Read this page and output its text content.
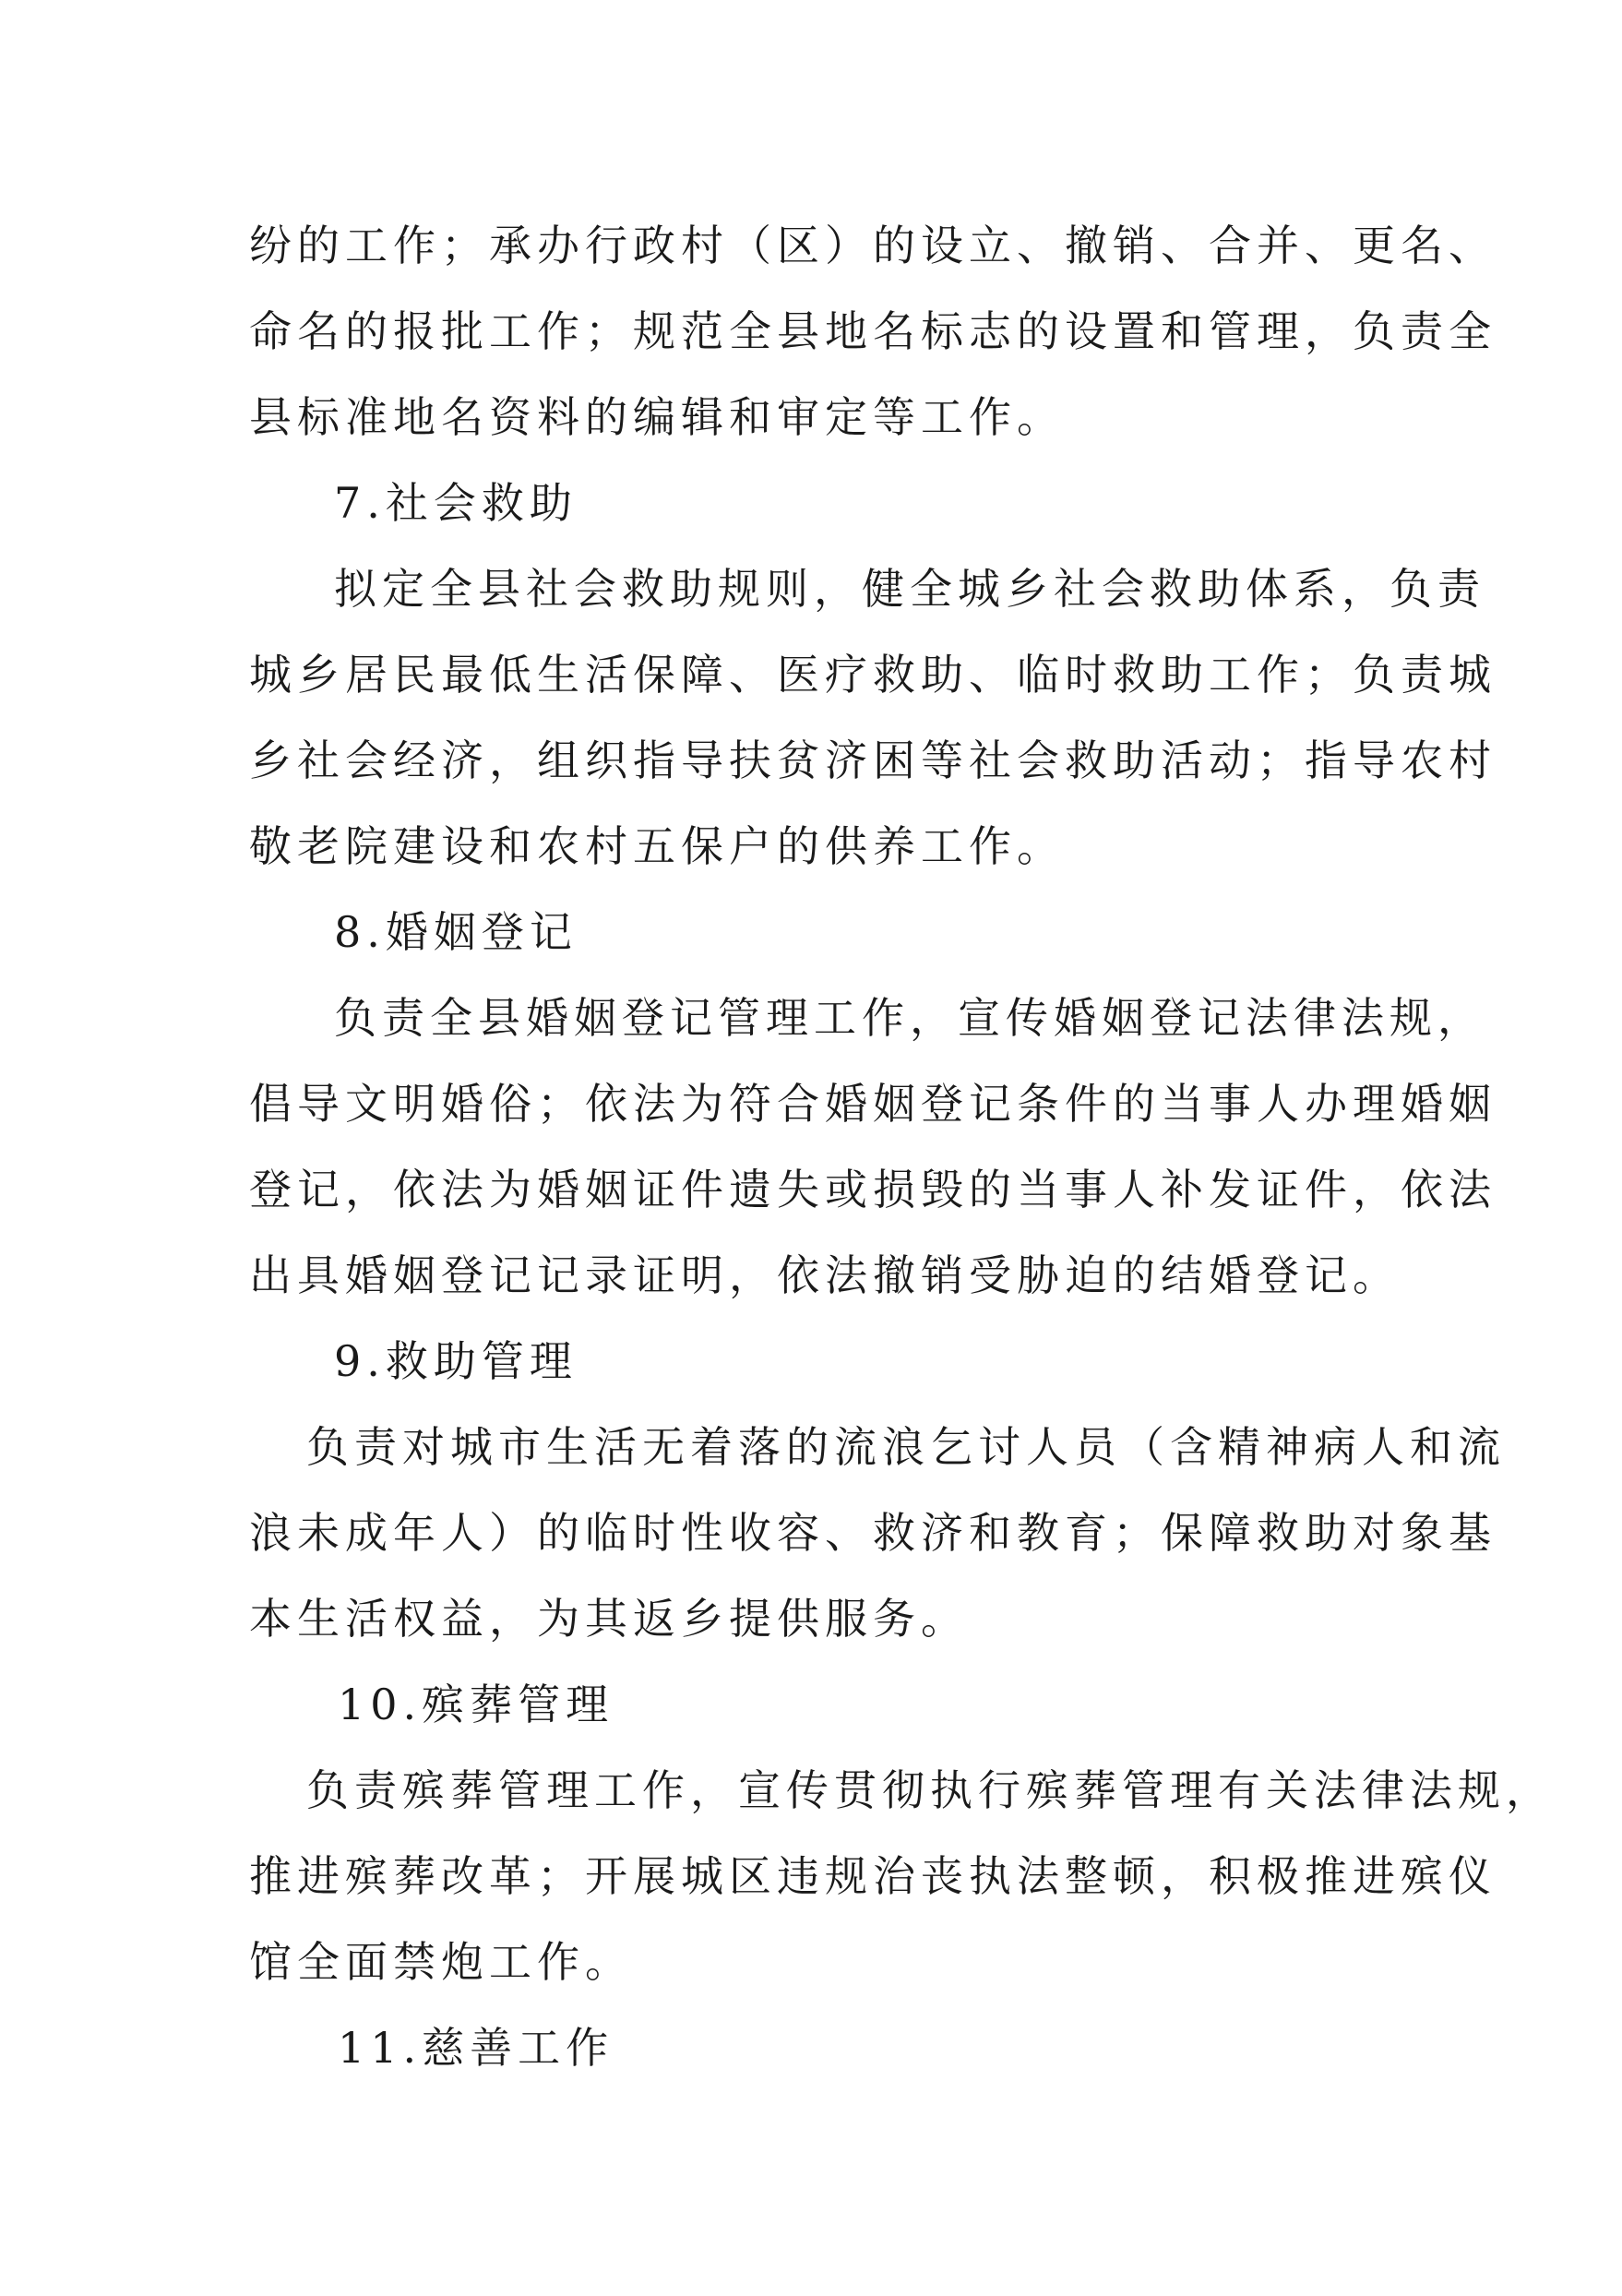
纷的工作；承办行政村（区）的设立、撤销、合并、更名、
命名的报批工作；规范全县地名标志的设置和管理，负责全
县标准地名资料的编辑和审定等工作。
7.社会救助
拟定全县社会救助规则，健全城乡社会救助体系，负责
城乡居民最低生活保障、医疗救助、临时救助工作；负责城
乡社会经济，组织指导扶贫济困等社会救助活动；指导农村
敬老院建设和农村五保户的供养工作。
8.婚姻登记
负责全县婚姻登记管理工作，宣传婚姻登记法律法规，
倡导文明婚俗；依法为符合婚姻登记条件的当事人办理婚姻
登记，依法为婚姻证件遗失或损毁的当事人补发证件，依法
出具婚姻登记记录证明，依法撤销受胁迫的结婚登记。
9.救助管理
负责对城市生活无着落的流浪乞讨人员（含精神病人和流
浪未成年人）的临时性收容、救济和教育；保障救助对象基
本生活权益，为其返乡提供服务。
10.殡葬管理
负责殡葬管理工作，宣传贯彻执行殡葬管理有关法律法规，
推进殡葬改革；开展城区违规治丧执法整顿，积极推进殡仪
馆全面禁炮工作。
11.慈善工作
